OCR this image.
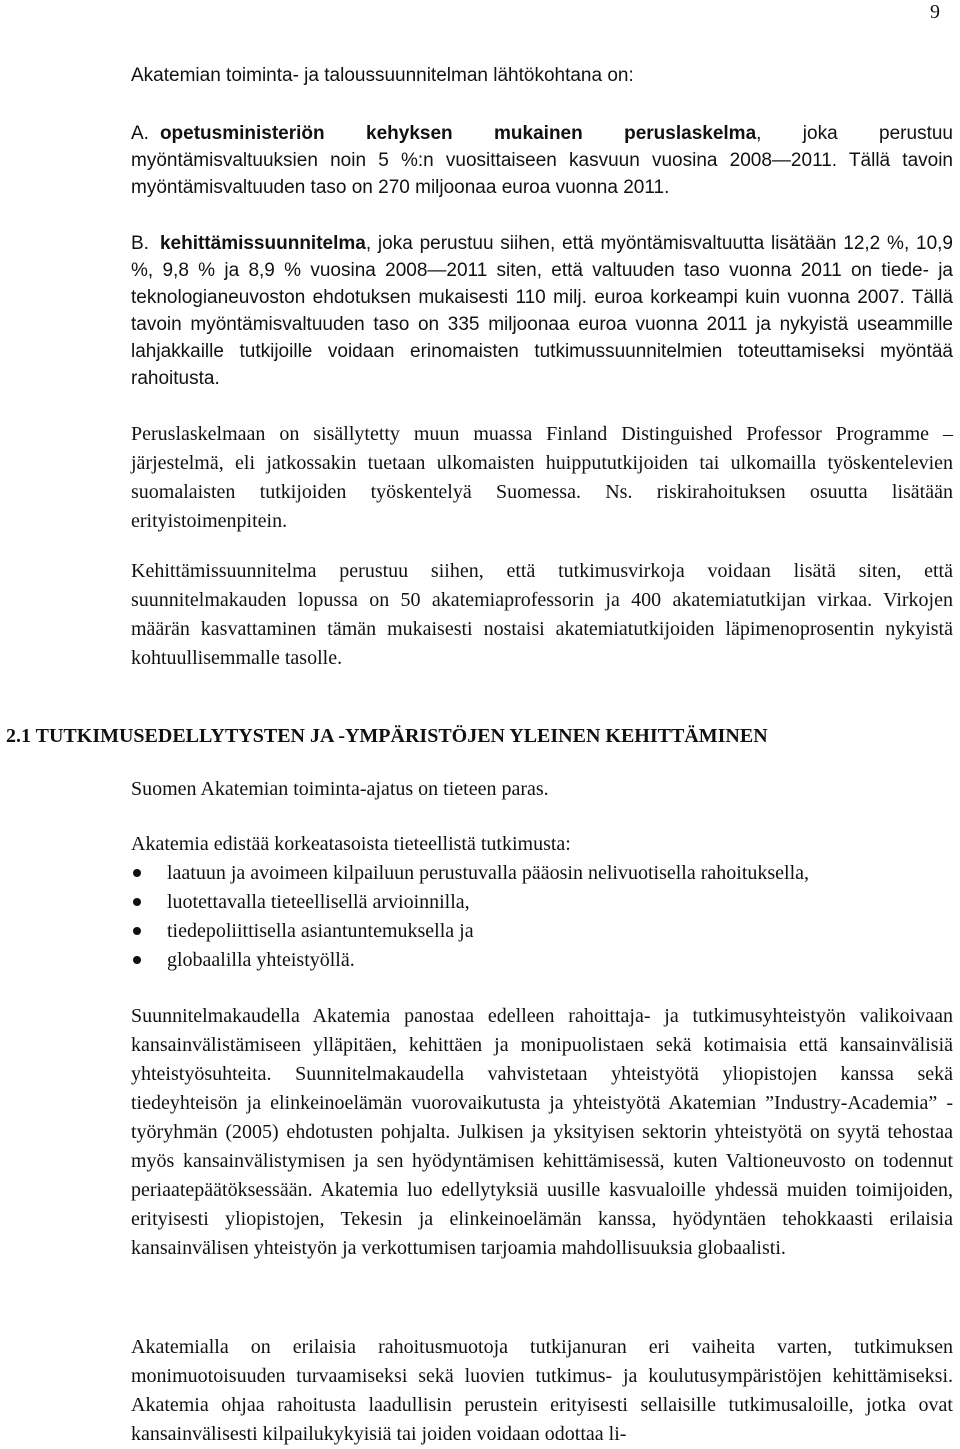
9

Akatemian toiminta- ja taloussuunnitelman lähtökohtana on:

A. opetusministeriön kehyksen mukainen peruslaskelma, joka perustuu myöntämisvaltuuksien noin 5 %:n vuosittaiseen kasvuun vuosina 2008—2011. Tällä tavoin myöntämisvaltuuden taso on 270 miljoonaa euroa vuonna 2011.

B. kehittämissuunnitelma, joka perustuu siihen, että myöntämisvaltuutta lisätään 12,2 %, 10,9 %, 9,8 % ja 8,9 % vuosina 2008—2011 siten, että valtuuden taso vuonna 2011 on tiede- ja teknologianeuvoston ehdotuksen mukaisesti 110 milj. euroa korkeampi kuin vuonna 2007. Tällä tavoin myöntämisvaltuuden taso on 335 miljoonaa euroa vuonna 2011 ja nykyistä useammille lahjakkaille tutkijoille voidaan erinomaisten tutkimussuunnitelmien toteuttamiseksi myöntää rahoitusta.

Peruslaskelmaan on sisällytetty muun muassa Finland Distinguished Professor Programme –järjestelmä, eli jatkossakin tuetaan ulkomaisten huippututkijoiden tai ulkomailla työskentelevien suomalaisten tutkijoiden työskentelyä Suomessa. Ns. riskirahoituksen osuutta lisätään erityistoimenpitein.

Kehittämissuunnitelma perustuu siihen, että tutkimusvirkoja voidaan lisätä siten, että suunnitelmakauden lopussa on 50 akatemiaprofessorin ja 400 akatemiatutkijan virkaa. Virkojen määrän kasvattaminen tämän mukaisesti nostaisi akatemiatutkijoiden läpimenoprosentin nykyistä kohtuullisemmalle tasolle.

2.1 TUTKIMUSEDELLYTYSTEN JA -YMPÄRISTÖJEN YLEINEN KEHITTÄMINEN

Suomen Akatemian toiminta-ajatus on tieteen paras.

Akatemia edistää korkeatasoista tieteellistä tutkimusta:

laatuun ja avoimeen kilpailuun perustuvalla pääosin nelivuotisella rahoituksella,
luotettavalla tieteellisellä arvioinnilla,
tiedepoliittisella asiantuntemuksella ja
globaalilla yhteistyöllä.

Suunnitelmakaudella Akatemia panostaa edelleen rahoittaja- ja tutkimusyhteistyön valikoivaan kansainvälistämiseen ylläpitäen, kehittäen ja monipuolistaen sekä kotimaisia että kansainvälisiä yhteistyösuhteita. Suunnitelmakaudella vahvistetaan yhteistyötä yliopistojen kanssa sekä tiedeyhteisön ja elinkeinoelämän vuorovaikutusta ja yhteistyötä Akatemian ”Industry-Academia” -työryhmän (2005) ehdotusten pohjalta. Julkisen ja yksityisen sektorin yhteistyötä on syytä tehostaa myös kansainvälistymisen ja sen hyödyntämisen kehittämisessä, kuten Valtioneuvosto on todennut periaatepäätöksessään. Akatemia luo edellytyksiä uusille kasvualoille yhdessä muiden toimijoiden, erityisesti yliopistojen, Tekesin ja elinkeinoelämän kanssa, hyödyntäen tehokkaasti erilaisia kansainvälisen yhteistyön ja verkottumisen tarjoamia mahdollisuuksia globaalisti.

Akatemialla on erilaisia rahoitusmuotoja tutkijanuran eri vaiheita varten, tutkimuksen monimuotoisuuden turvaamiseksi sekä luovien tutkimus- ja koulutusympäristöjen kehittämiseksi. Akatemia ohjaa rahoitusta laadullisin perustein erityisesti sellaisille tutkimusaloille, jotka ovat kansainvälisesti kilpailukykyisiä tai joiden voidaan odottaa li-
